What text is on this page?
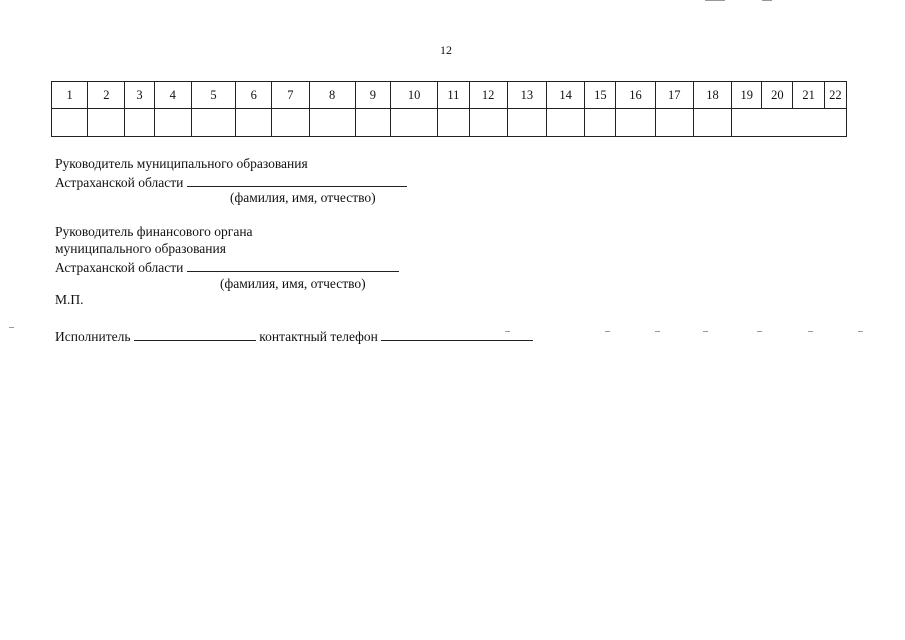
12
1	2	3	4	5	6	7	8	9	10	11	12	13	14	15	16	17	18	19	20	21	22

Руководитель муниципального образования
Астраханской области
(фамилия, имя, отчество)
Руководитель финансового органа
муниципального образования
Астраханской области
(фамилия, имя, отчество)
М.П.
Исполнитель	контактный телефон
